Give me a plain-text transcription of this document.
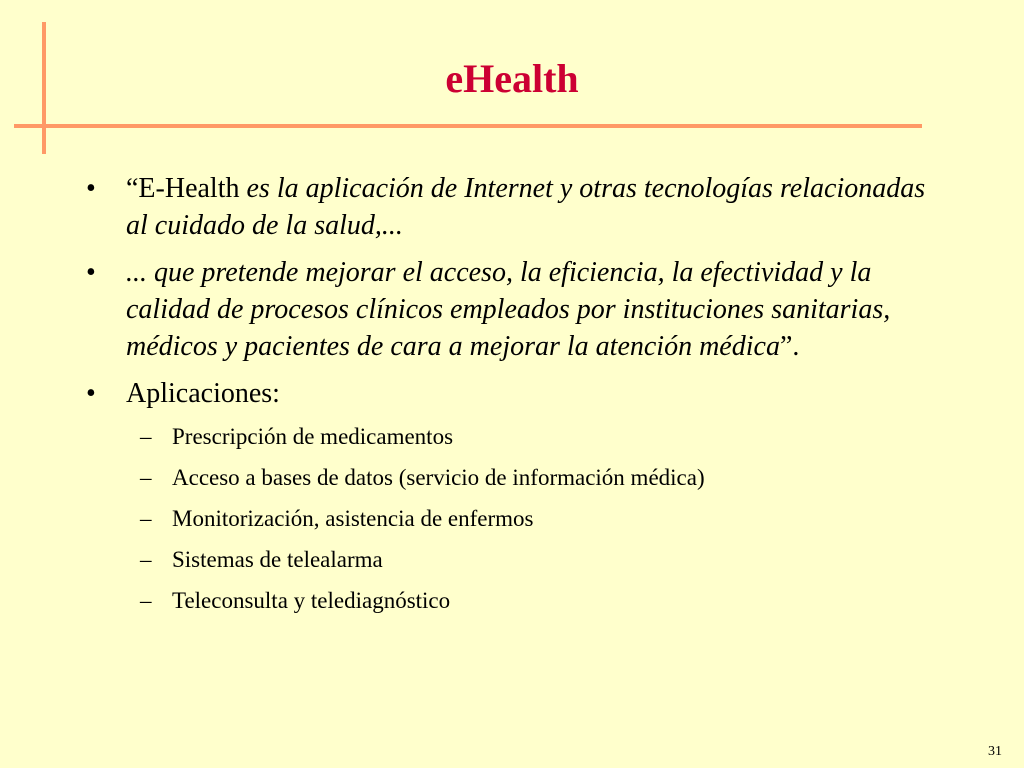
eHealth
•	“E-Health es la aplicación de Internet y otras tecnologías relacionadas al cuidado de la salud,...
•	... que pretende mejorar el acceso, la eficiencia, la efectividad y la calidad de procesos clínicos empleados por instituciones sanitarias, médicos y pacientes de cara a mejorar la atención médica”.
•	Aplicaciones:
– Prescripción de medicamentos
– Acceso a bases de datos (servicio de información médica)
– Monitorización, asistencia de enfermos
– Sistemas de telealarma
– Teleconsulta y telediagnóstico
31
